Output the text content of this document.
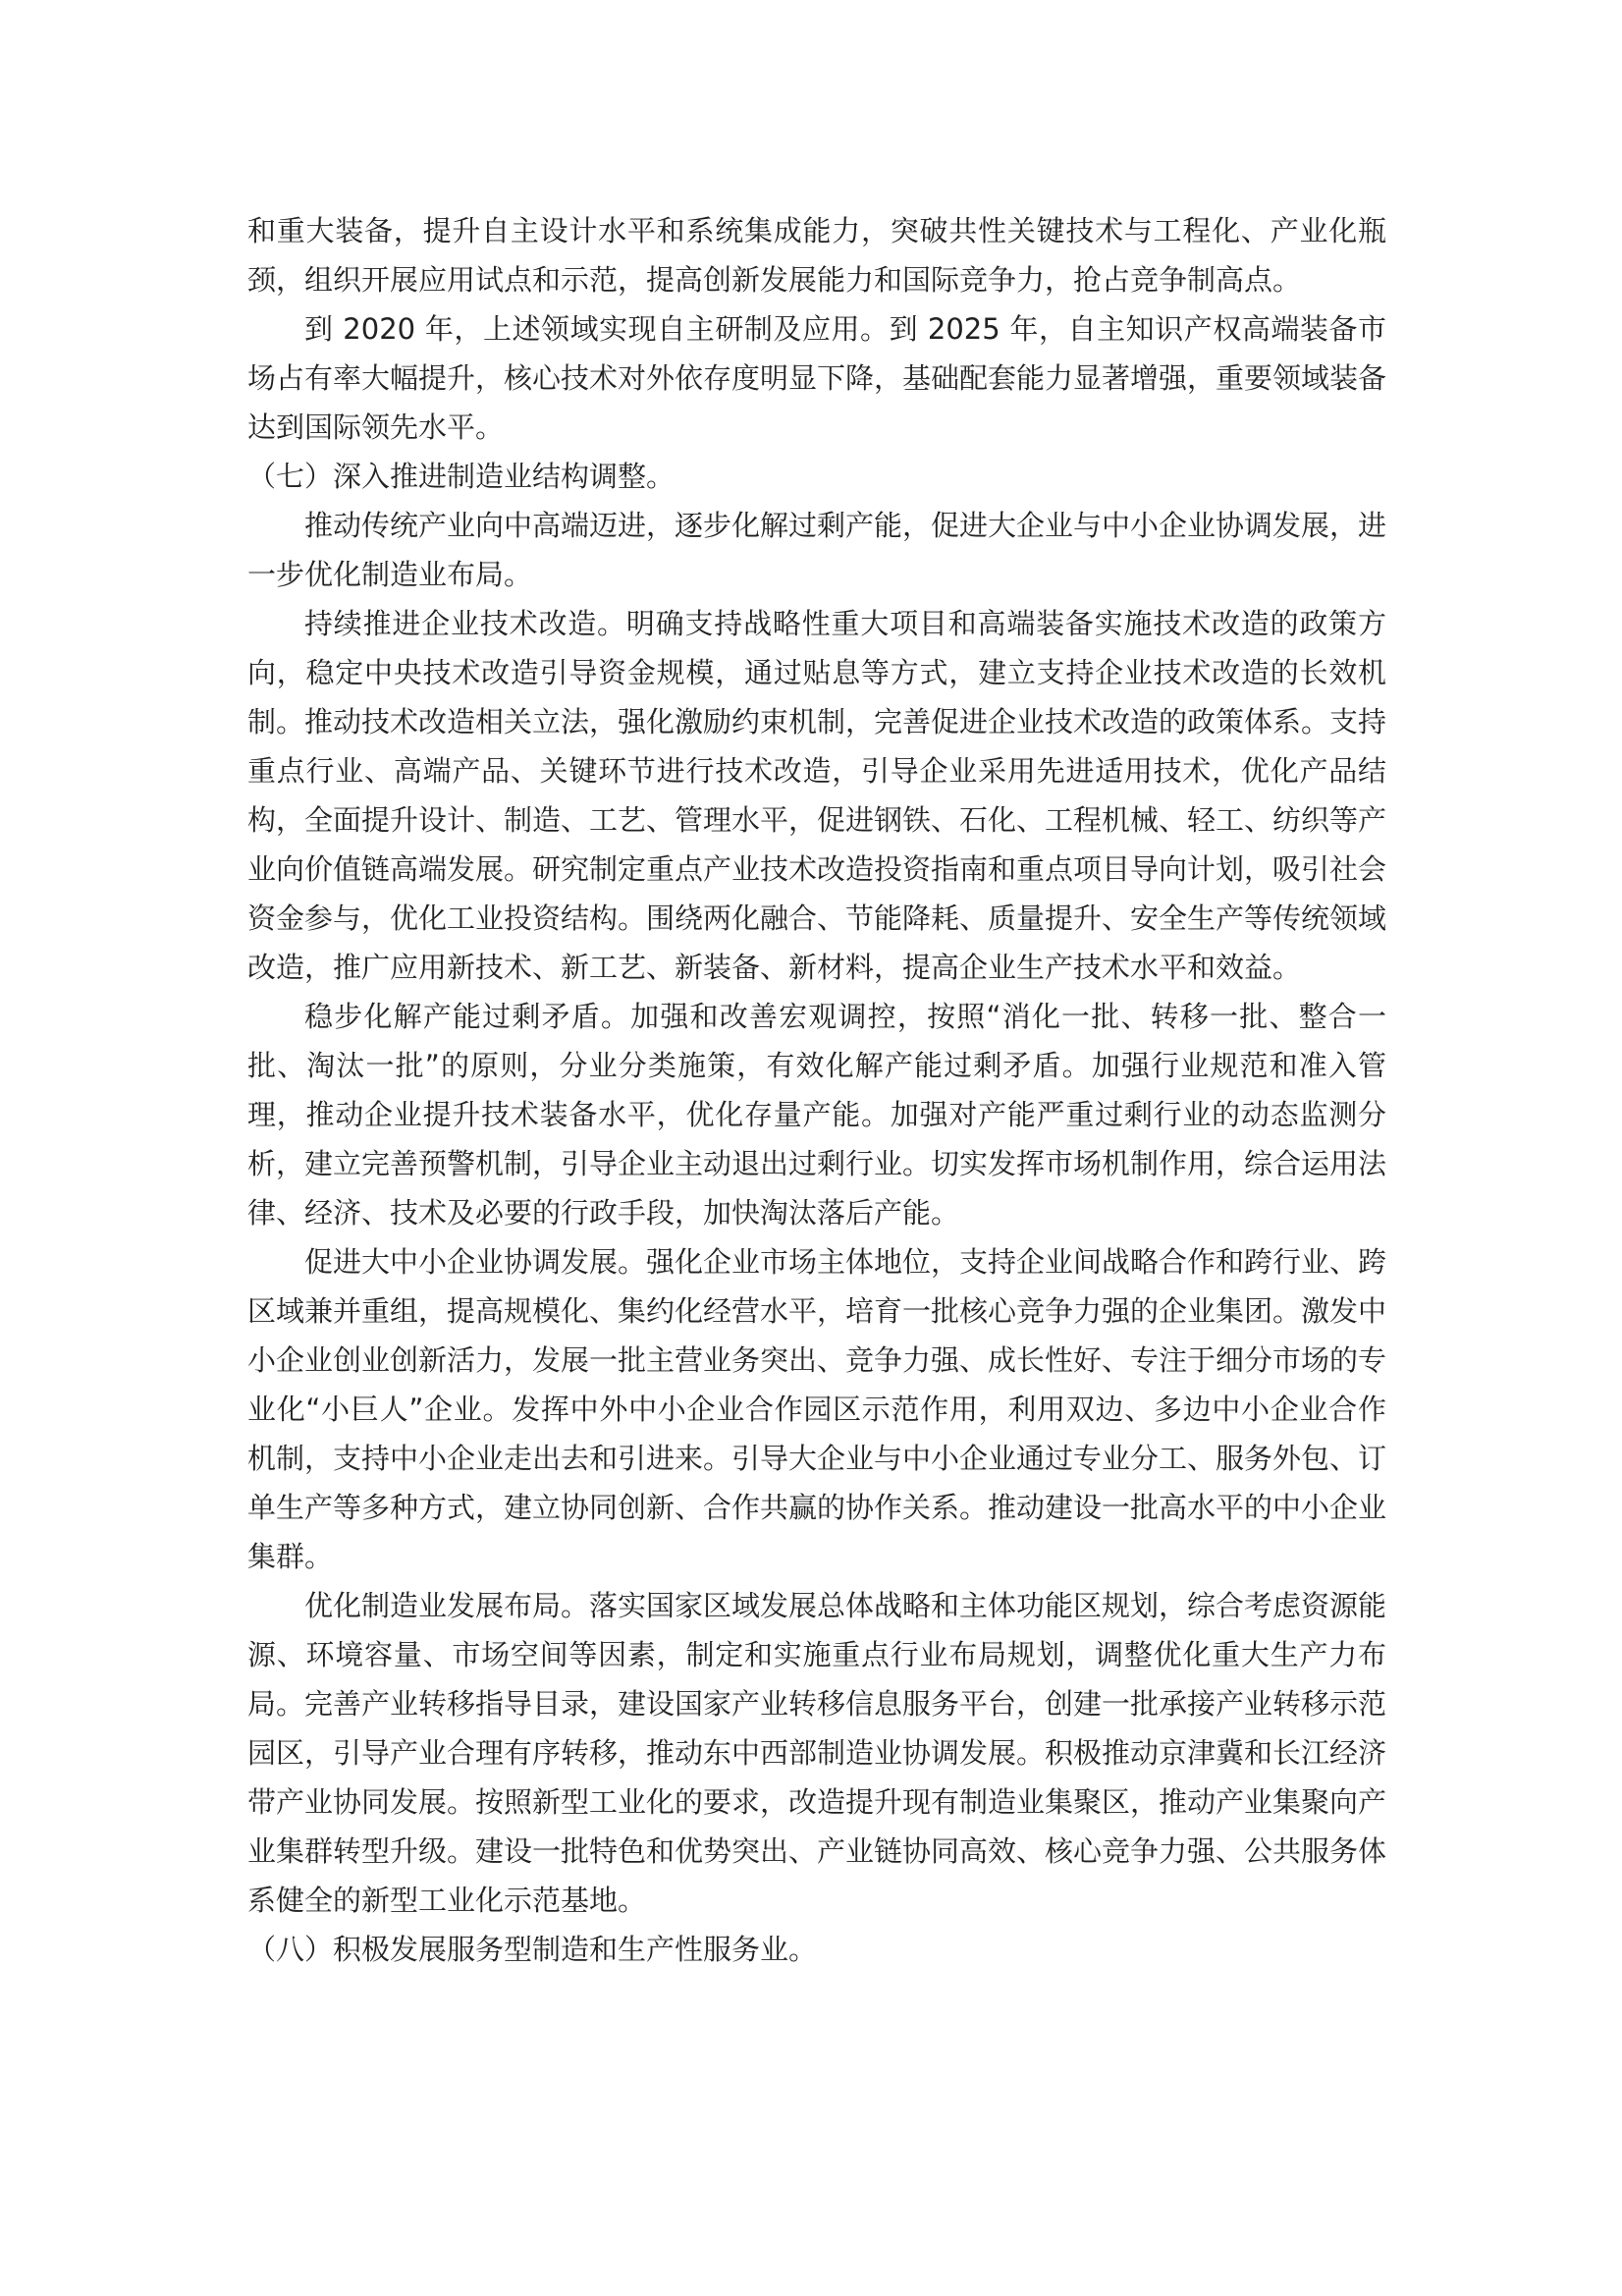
和重大装备，提升自主设计水平和系统集成能力，突破共性关键技术与工程化、产业化瓶颈，组织开展应用试点和示范，提高创新发展能力和国际竞争力，抢占竞争制高点。

到 2020 年，上述领域实现自主研制及应用。到 2025 年，自主知识产权高端装备市场占有率大幅提升，核心技术对外依存度明显下降，基础配套能力显著增强，重要领域装备达到国际领先水平。

（七）深入推进制造业结构调整。

推动传统产业向中高端迈进，逐步化解过剩产能，促进大企业与中小企业协调发展，进一步优化制造业布局。

持续推进企业技术改造。明确支持战略性重大项目和高端装备实施技术改造的政策方向，稳定中央技术改造引导资金规模，通过贴息等方式，建立支持企业技术改造的长效机制。推动技术改造相关立法，强化激励约束机制，完善促进企业技术改造的政策体系。支持重点行业、高端产品、关键环节进行技术改造，引导企业采用先进适用技术，优化产品结构，全面提升设计、制造、工艺、管理水平，促进钢铁、石化、工程机械、轻工、纺织等产业向价值链高端发展。研究制定重点产业技术改造投资指南和重点项目导向计划，吸引社会资金参与，优化工业投资结构。围绕两化融合、节能降耗、质量提升、安全生产等传统领域改造，推广应用新技术、新工艺、新装备、新材料，提高企业生产技术水平和效益。

稳步化解产能过剩矛盾。加强和改善宏观调控，按照“消化一批、转移一批、整合一批、淘汰一批”的原则，分业分类施策，有效化解产能过剩矛盾。加强行业规范和准入管理，推动企业提升技术装备水平，优化存量产能。加强对产能严重过剩行业的动态监测分析，建立完善预警机制，引导企业主动退出过剩行业。切实发挥市场机制作用，综合运用法律、经济、技术及必要的行政手段，加快淘汰落后产能。

促进大中小企业协调发展。强化企业市场主体地位，支持企业间战略合作和跨行业、跨区域兼并重组，提高规模化、集约化经营水平，培育一批核心竞争力强的企业集团。激发中小企业创业创新活力，发展一批主营业务突出、竞争力强、成长性好、专注于细分市场的专业化“小巨人”企业。发挥中外中小企业合作园区示范作用，利用双边、多边中小企业合作机制，支持中小企业走出去和引进来。引导大企业与中小企业通过专业分工、服务外包、订单生产等多种方式，建立协同创新、合作共赢的协作关系。推动建设一批高水平的中小企业集群。

优化制造业发展布局。落实国家区域发展总体战略和主体功能区规划，综合考虑资源能源、环境容量、市场空间等因素，制定和实施重点行业布局规划，调整优化重大生产力布局。完善产业转移指导目录，建设国家产业转移信息服务平台，创建一批承接产业转移示范园区，引导产业合理有序转移，推动东中西部制造业协调发展。积极推动京津冀和长江经济带产业协同发展。按照新型工业化的要求，改造提升现有制造业集聚区，推动产业集聚向产业集群转型升级。建设一批特色和优势突出、产业链协同高效、核心竞争力强、公共服务体系健全的新型工业化示范基地。

（八）积极发展服务型制造和生产性服务业。
